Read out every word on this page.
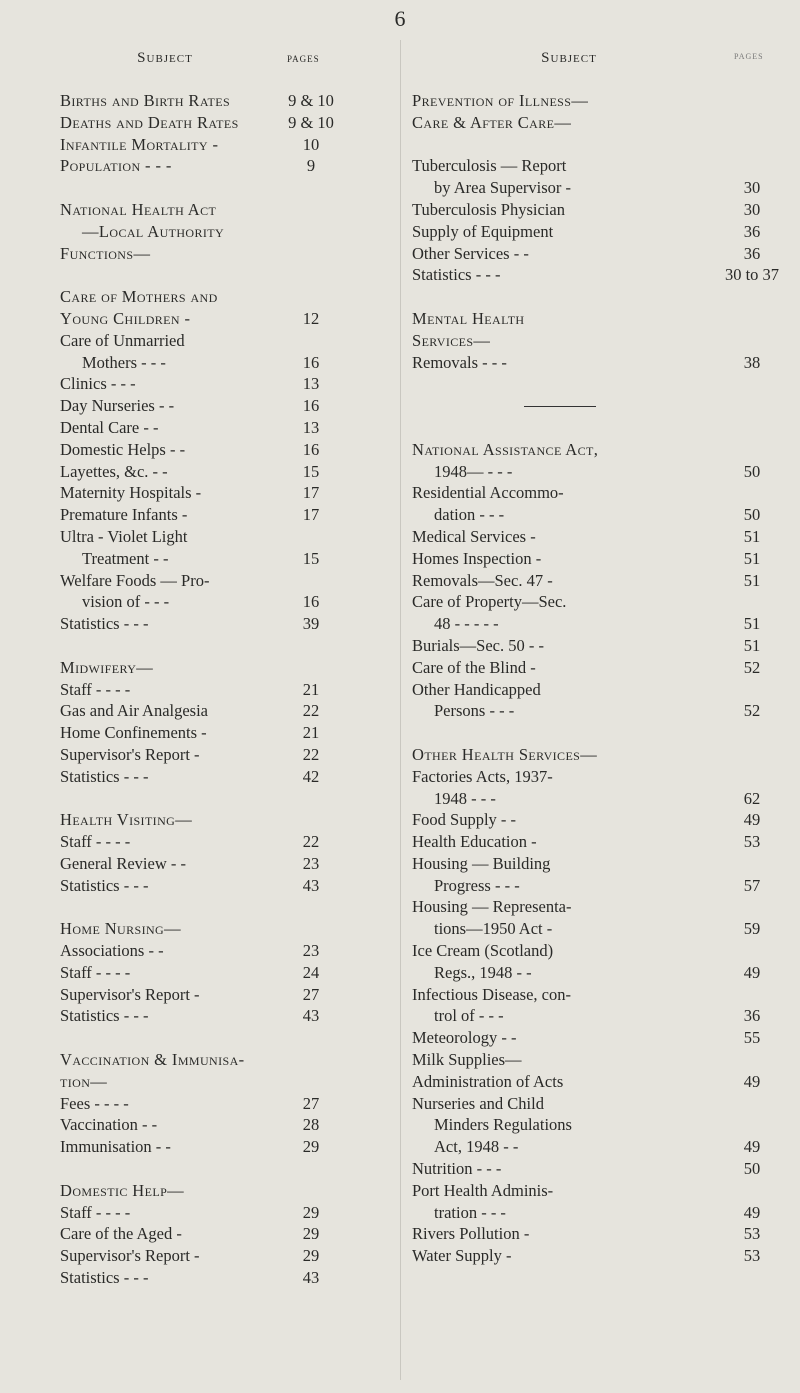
6
Subject	pages
Births and Birth Rates	9 & 10
Deaths and Death Rates	9 & 10
Infantile Mortality -	10
Population - - -	9
National Health Act
—Local Authority
Functions—
Care of Mothers and
Young Children -	12
Care of Unmarried
Mothers - - -	16
Clinics - - -	13
Day Nurseries - -	16
Dental Care - -	13
Domestic Helps - -	16
Layettes, &c. - -	15
Maternity Hospitals -	17
Premature Infants -	17
Ultra - Violet Light
Treatment - -	15
Welfare Foods — Pro-
vision of - - -	16
Statistics - - -	39
Midwifery—
Staff - - - -	21
Gas and Air Analgesia	22
Home Confinements -	21
Supervisor's Report -	22
Statistics - - -	42
Health Visiting—
Staff - - - -	22
General Review - -	23
Statistics - - -	43
Home Nursing—
Associations - -	23
Staff - - - -	24
Supervisor's Report -	27
Statistics - - -	43
Vaccination & Immunisa-
tion—
Fees - - - -	27
Vaccination - -	28
Immunisation - -	29
Domestic Help—
Staff - - - -	29
Care of the Aged -	29
Supervisor's Report -	29
Statistics - - -	43
Subject	pages
Prevention of Illness—
Care & After Care—
Tuberculosis — Report
by Area Supervisor -	30
Tuberculosis Physician	30
Supply of Equipment	36
Other Services - -	36
Statistics - - -	30 to 37
Mental Health
Services—
Removals - - -	38
National Assistance Act,
1948— - - -	50
Residential Accommo-
dation - - -	50
Medical Services -	51
Homes Inspection -	51
Removals—Sec. 47 -	51
Care of Property—Sec.
48 - - - - -	51
Burials—Sec. 50 - -	51
Care of the Blind -	52
Other Handicapped
Persons - - -	52
Other Health Services—
Factories Acts, 1937-
1948 - - -	62
Food Supply - -	49
Health Education -	53
Housing — Building
Progress - - -	57
Housing — Representa-
tions—1950 Act -	59
Ice Cream (Scotland)
Regs., 1948 - -	49
Infectious Disease, con-
trol of - - -	36
Meteorology - -	55
Milk Supplies—
Administration of Acts	49
Nurseries and Child
Minders Regulations
Act, 1948 - -	49
Nutrition - - -	50
Port Health Adminis-
tration - - -	49
Rivers Pollution -	53
Water Supply -	53
